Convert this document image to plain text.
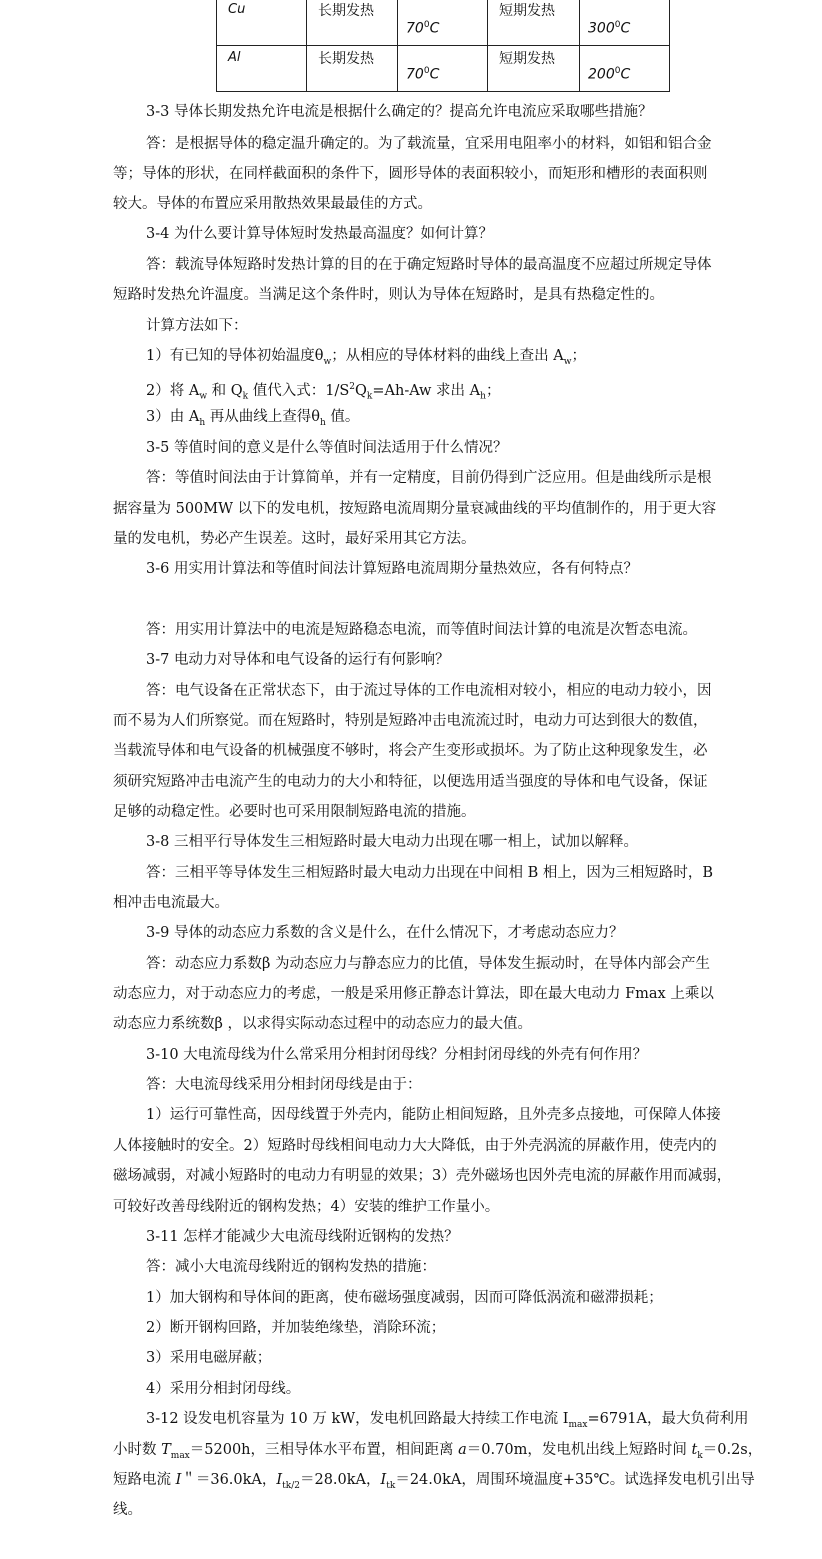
Cu	长期发热	$70^0C$	短期发热	$300^0C$

Al	长期发热	$70^0C$	短期发热	$200^0C$
3-3 导体长期发热允许电流是根据什么确定的？提高允许电流应采取哪些措施？
答：是根据导体的稳定温升确定的。为了载流量，宜采用电阻率小的材料，如铝和铝合金
等；导体的形状，在同样截面积的条件下，圆形导体的表面积较小，而矩形和槽形的表面积则
较大。导体的布置应采用散热效果最最佳的方式。
3-4 为什么要计算导体短时发热最高温度？如何计算？
答：载流导体短路时发热计算的目的在于确定短路时导体的最高温度不应超过所规定导体
短路时发热允许温度。当满足这个条件时，则认为导体在短路时，是具有热稳定性的。
计算方法如下：
1）有已知的导体初始温度$\theta_w$；从相应的导体材料的曲线上查出 $A_w$；
2）将 $A_w$ 和 $Q_k$ 值代入式：$1/S^2Q_k=Ah-Aw$ 求出 $A_h$；
3）由 $A_h$ 再从曲线上查得$\theta_h$ 值。
3-5 等值时间的意义是什么等值时间法适用于什么情况？
答：等值时间法由于计算简单，并有一定精度，目前仍得到广泛应用。但是曲线所示是根
据容量为 500MW 以下的发电机，按短路电流周期分量衰减曲线的平均值制作的，用于更大容
量的发电机，势必产生误差。这时，最好采用其它方法。
3-6 用实用计算法和等值时间法计算短路电流周期分量热效应，各有何特点？
答：用实用计算法中的电流是短路稳态电流，而等值时间法计算的电流是次暂态电流。
3-7 电动力对导体和电气设备的运行有何影响？
答：电气设备在正常状态下，由于流过导体的工作电流相对较小，相应的电动力较小，因
而不易为人们所察觉。而在短路时，特别是短路冲击电流流过时，电动力可达到很大的数值，
当载流导体和电气设备的机械强度不够时，将会产生变形或损坏。为了防止这种现象发生，必
须研究短路冲击电流产生的电动力的大小和特征，以便选用适当强度的导体和电气设备，保证
足够的动稳定性。必要时也可采用限制短路电流的措施。
3-8 三相平行导体发生三相短路时最大电动力出现在哪一相上，试加以解释。
答：三相平等导体发生三相短路时最大电动力出现在中间相 B 相上，因为三相短路时，B
相冲击电流最大。
3-9 导体的动态应力系数的含义是什么，在什么情况下，才考虑动态应力？
答：动态应力系数β 为动态应力与静态应力的比值，导体发生振动时，在导体内部会产生
动态应力，对于动态应力的考虑，一般是采用修正静态计算法，即在最大电动力 Fmax 上乘以
动态应力系统数β ，以求得实际动态过程中的动态应力的最大值。
3-10 大电流母线为什么常采用分相封闭母线？分相封闭母线的外壳有何作用？
答：大电流母线采用分相封闭母线是由于：
1）运行可靠性高，因母线置于外壳内，能防止相间短路，且外壳多点接地，可保障人体接
人体接触时的安全。2）短路时母线相间电动力大大降低，由于外壳涡流的屏蔽作用，使壳内的
磁场减弱，对减小短路时的电动力有明显的效果；3）壳外磁场也因外壳电流的屏蔽作用而减弱，
可较好改善母线附近的钢构发热；4）安装的维护工作量小。
3-11 怎样才能减少大电流母线附近钢构的发热？
答：减小大电流母线附近的钢构发热的措施：
1）加大钢构和导体间的距离，使布磁场强度减弱，因而可降低涡流和磁滞损耗；
2）断开钢构回路，并加装绝缘垫，消除环流；
3）采用电磁屏蔽；
4）采用分相封闭母线。
3-12 设发电机容量为 10 万 kW，发电机回路最大持续工作电流 $I_{max}=6791A$，最大负荷利用
小时数 $T_{max}=5200h$，三相导体水平布置，相间距离 a＝0.70m，发电机出线上短路时间 $t_k=0.2s$，
短路电流 I＂＝36.0kA，$I_{tk/2}=28.0kA$，$I_{tk}=24.0kA$，周围环境温度+35℃。试选择发电机引出导
线。
